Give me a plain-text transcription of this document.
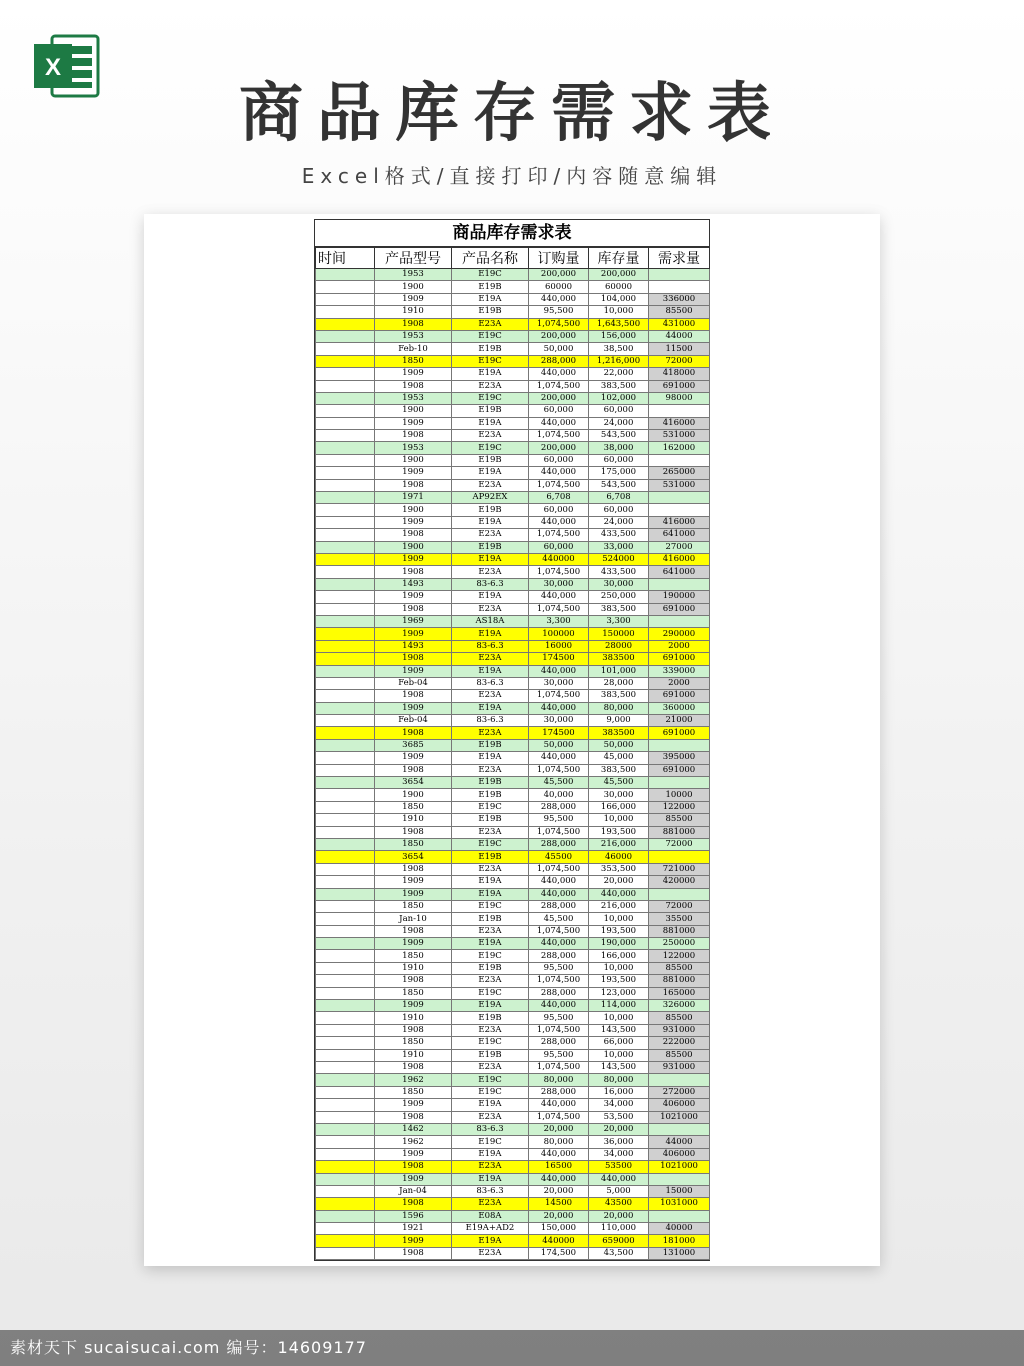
X
商品库存需求表
Excel格式/直接打印/内容随意编辑
商品库存需求表
时间	产品型号	产品名称	订购量	库存量	需求量
	1953	E19C	200,000	200,000	
	1900	E19B	60000	60000	
	1909	E19A	440,000	104,000	336000
	1910	E19B	95,500	10,000	85500
	1908	E23A	1,074,500	1,643,500	431000
	1953	E19C	200,000	156,000	44000
	Feb-10	E19B	50,000	38,500	11500
	1850	E19C	288,000	1,216,000	72000
	1909	E19A	440,000	22,000	418000
	1908	E23A	1,074,500	383,500	691000
	1953	E19C	200,000	102,000	98000
	1900	E19B	60,000	60,000	
	1909	E19A	440,000	24,000	416000
	1908	E23A	1,074,500	543,500	531000
	1953	E19C	200,000	38,000	162000
	1900	E19B	60,000	60,000	
	1909	E19A	440,000	175,000	265000
	1908	E23A	1,074,500	543,500	531000
	1971	AP92EX	6,708	6,708	
	1900	E19B	60,000	60,000	
	1909	E19A	440,000	24,000	416000
	1908	E23A	1,074,500	433,500	641000
	1900	E19B	60,000	33,000	27000
	1909	E19A	440000	524000	416000
	1908	E23A	1,074,500	433,500	641000
	1493	83-6.3	30,000	30,000	
	1909	E19A	440,000	250,000	190000
	1908	E23A	1,074,500	383,500	691000
	1969	AS18A	3,300	3,300	
	1909	E19A	100000	150000	290000
	1493	83-6.3	16000	28000	2000
	1908	E23A	174500	383500	691000
	1909	E19A	440,000	101,000	339000
	Feb-04	83-6.3	30,000	28,000	2000
	1908	E23A	1,074,500	383,500	691000
	1909	E19A	440,000	80,000	360000
	Feb-04	83-6.3	30,000	9,000	21000
	1908	E23A	174500	383500	691000
	3685	E19B	50,000	50,000	
	1909	E19A	440,000	45,000	395000
	1908	E23A	1,074,500	383,500	691000
	3654	E19B	45,500	45,500	
	1900	E19B	40,000	30,000	10000
	1850	E19C	288,000	166,000	122000
	1910	E19B	95,500	10,000	85500
	1908	E23A	1,074,500	193,500	881000
	1850	E19C	288,000	216,000	72000
	3654	E19B	45500	46000	
	1908	E23A	1,074,500	353,500	721000
	1909	E19A	440,000	20,000	420000
	1909	E19A	440,000	440,000	
	1850	E19C	288,000	216,000	72000
	Jan-10	E19B	45,500	10,000	35500
	1908	E23A	1,074,500	193,500	881000
	1909	E19A	440,000	190,000	250000
	1850	E19C	288,000	166,000	122000
	1910	E19B	95,500	10,000	85500
	1908	E23A	1,074,500	193,500	881000
	1850	E19C	288,000	123,000	165000
	1909	E19A	440,000	114,000	326000
	1910	E19B	95,500	10,000	85500
	1908	E23A	1,074,500	143,500	931000
	1850	E19C	288,000	66,000	222000
	1910	E19B	95,500	10,000	85500
	1908	E23A	1,074,500	143,500	931000
	1962	E19C	80,000	80,000	
	1850	E19C	288,000	16,000	272000
	1909	E19A	440,000	34,000	406000
	1908	E23A	1,074,500	53,500	1021000
	1462	83-6.3	20,000	20,000	
	1962	E19C	80,000	36,000	44000
	1909	E19A	440,000	34,000	406000
	1908	E23A	16500	53500	1021000
	1909	E19A	440,000	440,000	
	Jan-04	83-6.3	20,000	5,000	15000
	1908	E23A	14500	43500	1031000
	1596	E08A	20,000	20,000	
	1921	E19A+AD2	150,000	110,000	40000
	1909	E19A	440000	659000	181000
	1908	E23A	174,500	43,500	131000
素材天下 sucaisucai.com 编号：14609177
